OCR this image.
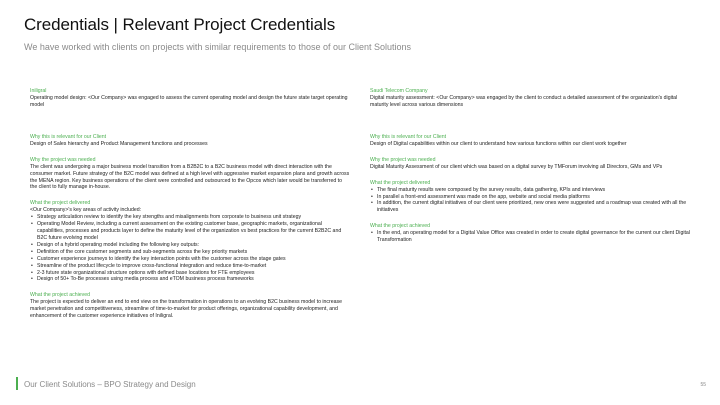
Credentials | Relevant Project Credentials
We have worked with clients on projects with similar requirements to those of our Client Solutions
Iniligral
Operating model design: <Our Company> was engaged to assess the current operating model and design the future state target operating model
Why this is relevant for our Client
Design of Sales hierarchy and Product Management functions and processes
Why the project was needed
The client was undergoing a major business model transition from a B2B2C to a B2C business model with direct interaction with the consumer market. Future strategy of the B2C model was defined at a high level with aggressive market expansion plans and growth across the MENA region. Key business operations of the client were controlled and outsourced to the Opcos which later would be transferred to the client to fully manage in-house.
What the project delivered
<Our Company>'s key areas of activity included:
• Strategy articulation review to identify the key strengths and misalignments from corporate to business unit strategy
• Operating Model Review, including a current assessment on the existing customer base, geographic markets, organizational capabilities, processes and products layer to define the maturity level of the organization vs best practices for the current B2B2C and B2C future evolving model
• Design of a hybrid operating model including the following key outputs:
• Definition of the core customer segments and sub-segments across the key priority markets
• Customer experience journeys to identify the key interaction points with the customer across the stage gates
• Streamline of the product lifecycle to improve cross-functional integration and reduce time-to-market
• 2-3 future state organizational structure options with defined base locations for FTE employees
• Design of 50+ To-Be processes using media process and eTOM business process frameworks
What the project achieved
The project is expected to deliver an end to end view on the transformation in operations to an evolving B2C business model to increase market penetration and competitiveness, streamline of time-to-market for product offerings, organizational capability development, and enhancement of the customer experience initiatives of Iniligral.
Saudi Telecom Company
Digital maturity assessment: <Our Company> was engaged by the client to conduct a detailed assessment of the organization's digital maturity level across various dimensions
Why this is relevant for our Client
Design of Digital capabilities within our client to understand how various functions within our client work together
Why the project was needed
Digital Maturity Assessment of our client which was based on a digital survey by TMForum involving all Directors, GMs and VPs
What the project delivered
• The final maturity results were composed by the survey results, data gathering, KPIs and interviews
• In parallel a front-end assessment was made on the app, website and social media platforms
• In addition, the current digital initiatives of our client were prioritized, new ones were suggested and a roadmap was created with all the initiatives
What the project achieved
• In the end, an operating model for a Digital Value Office was created in order to create digital governance for the current our client Digital Transformation
Our Client Solutions – BPO Strategy and Design	55
